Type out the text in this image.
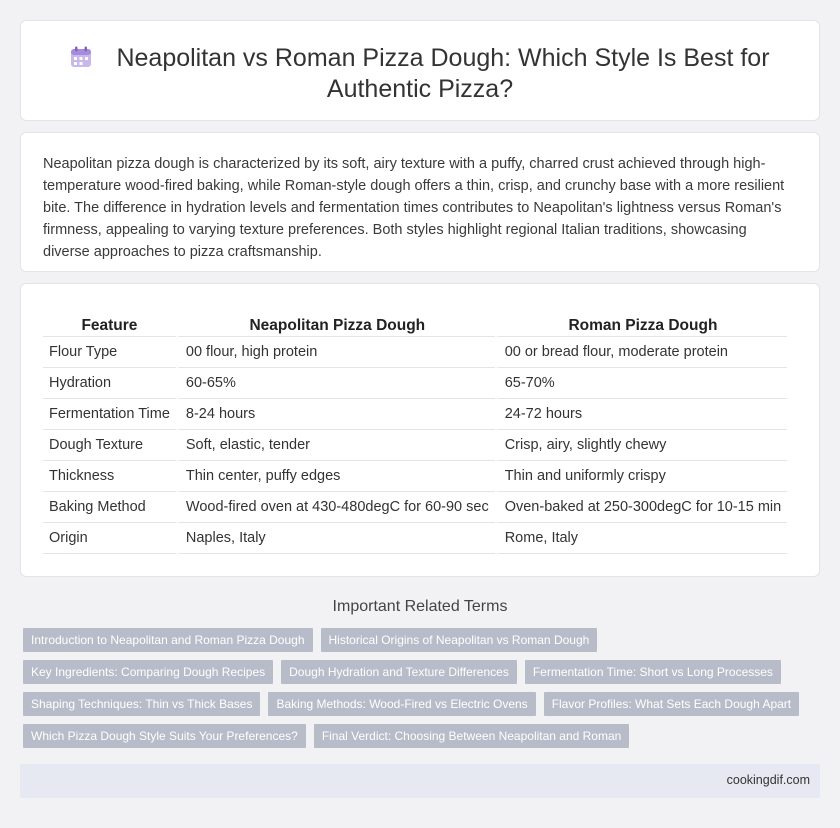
Neapolitan vs Roman Pizza Dough: Which Style Is Best for Authentic Pizza?

Neapolitan pizza dough is characterized by its soft, airy texture with a puffy, charred crust achieved through high-temperature wood-fired baking, while Roman-style dough offers a thin, crisp, and crunchy base with a more resilient bite. The difference in hydration levels and fermentation times contributes to Neapolitan's lightness versus Roman's firmness, appealing to varying texture preferences. Both styles highlight regional Italian traditions, showcasing diverse approaches to pizza craftsmanship.

Feature	Neapolitan Pizza Dough	Roman Pizza Dough
Flour Type	00 flour, high protein	00 or bread flour, moderate protein
Hydration	60-65%	65-70%
Fermentation Time	8-24 hours	24-72 hours
Dough Texture	Soft, elastic, tender	Crisp, airy, slightly chewy
Thickness	Thin center, puffy edges	Thin and uniformly crispy
Baking Method	Wood-fired oven at 430-480degC for 60-90 sec	Oven-baked at 250-300degC for 10-15 min
Origin	Naples, Italy	Rome, Italy
Important Related Terms
Introduction to Neapolitan and Roman Pizza Dough	Historical Origins of Neapolitan vs Roman Dough
Key Ingredients: Comparing Dough Recipes	Dough Hydration and Texture Differences	Fermentation Time: Short vs Long Processes
Shaping Techniques: Thin vs Thick Bases	Baking Methods: Wood-Fired vs Electric Ovens	Flavor Profiles: What Sets Each Dough Apart
Which Pizza Dough Style Suits Your Preferences?	Final Verdict: Choosing Between Neapolitan and Roman
cookingdif.com
